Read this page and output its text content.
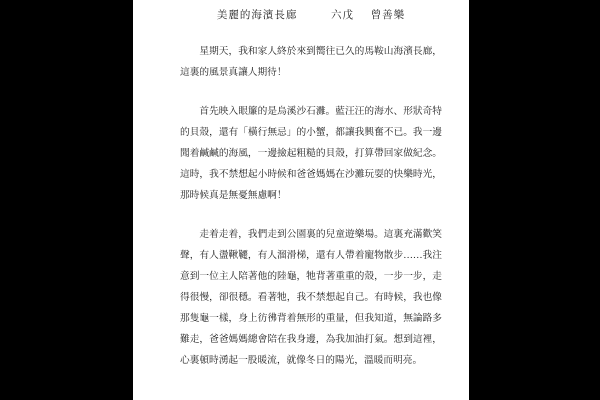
美麗的海濱長廊	六戊 曾善樂

星期天，我和家人終於來到嚮往已久的馬鞍山海濱長廊，這裏的風景真讓人期待！

首先映入眼簾的是烏溪沙石灘。藍汪汪的海水、形狀奇特的貝殼，還有「橫行無忌」的小蟹，都讓我興奮不已。我一邊聞着鹹鹹的海風，一邊撿起粗糙的貝殼，打算帶回家做紀念。這時，我不禁想起小時候和爸爸媽媽在沙灘玩耍的快樂時光，那時候真是無憂無慮啊！

走着走着，我們走到公園裏的兒童遊樂場。這裏充滿歡笑聲，有人盪鞦韆，有人溜滑梯，還有人帶着寵物散步……我注意到一位主人陪著他的陸龜，牠背著重重的殼，一步一步，走得很慢，卻很穩。看著牠，我不禁想起自己。有時候，我也像那隻龜一樣，身上彷彿背着無形的重量，但我知道，無論路多難走，爸爸媽媽總會陪在我身邊，為我加油打氣。想到這裡，心裏頓時湧起一股暖流，就像冬日的陽光，溫暖而明亮。
